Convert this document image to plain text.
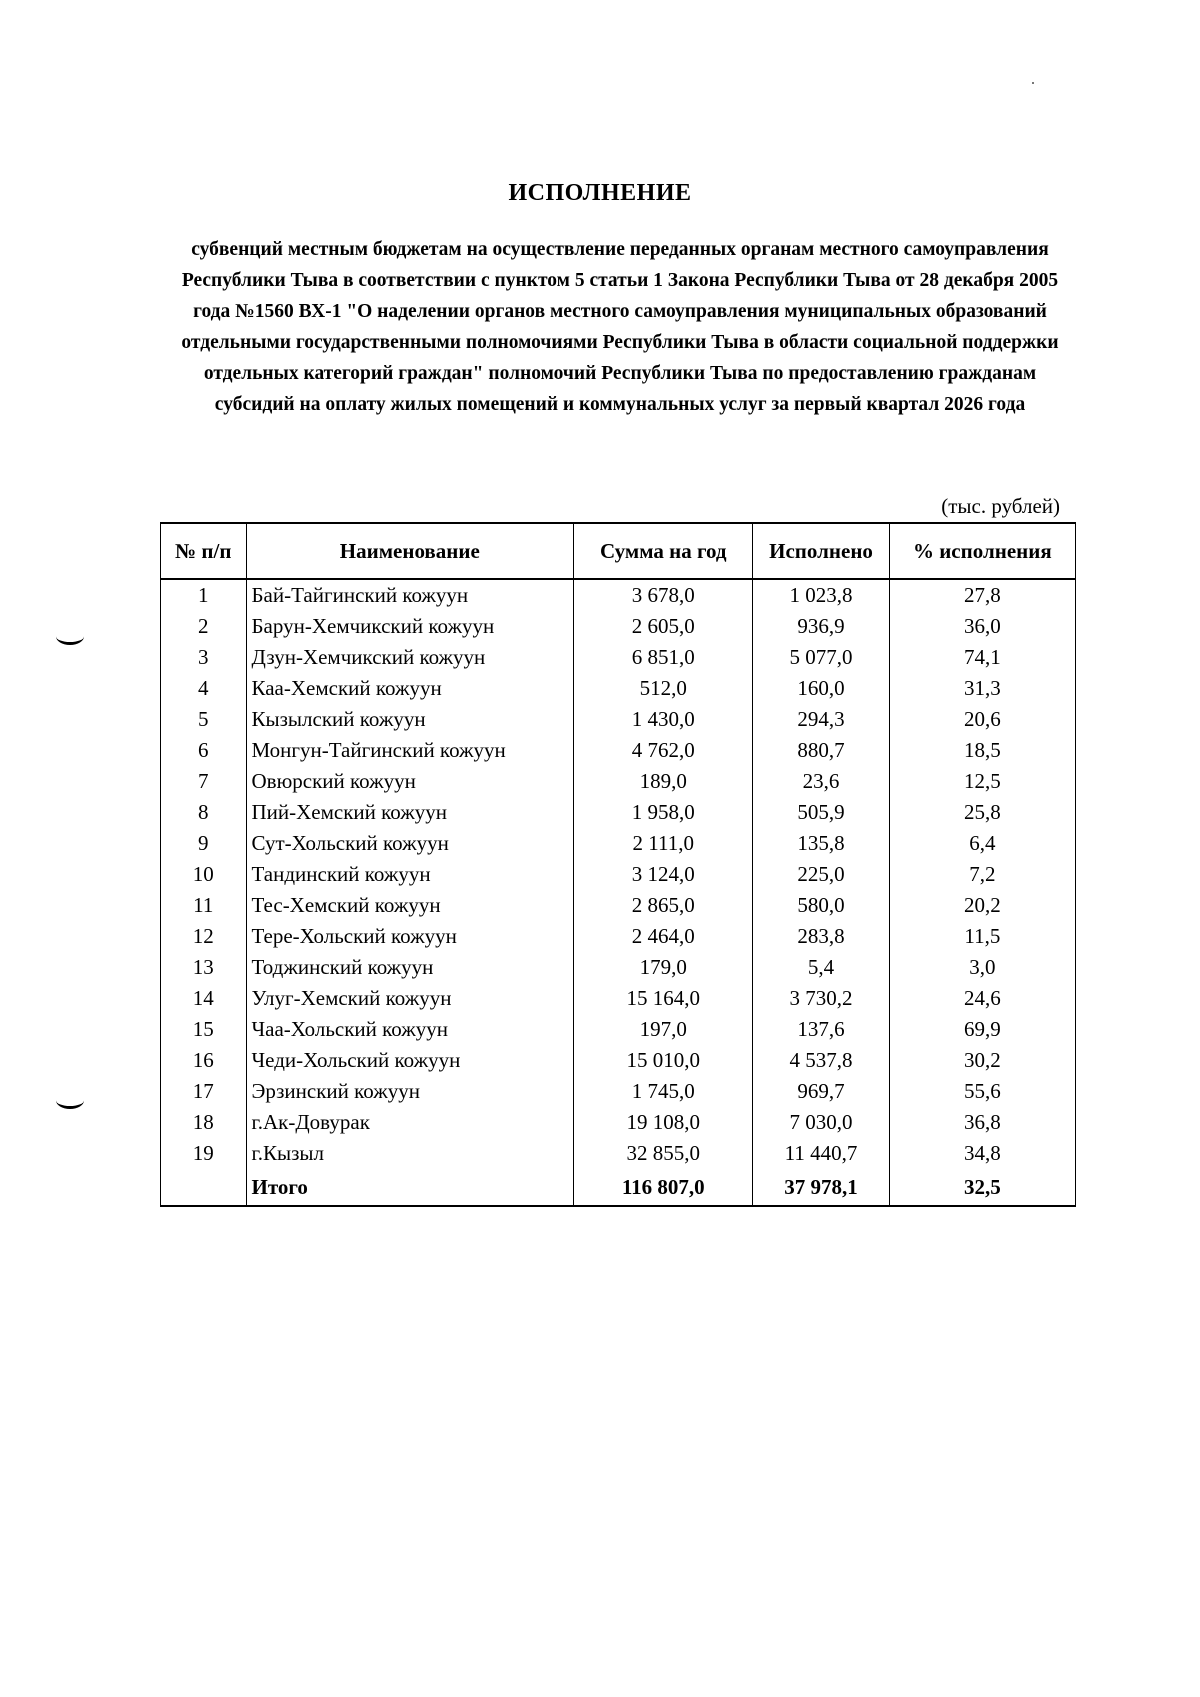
ИСПОЛНЕНИЕ

субвенций местным бюджетам на осуществление переданных органам местного самоуправления Республики Тыва в соответствии с пунктом 5 статьи 1 Закона Республики Тыва от 28 декабря 2005 года №1560 ВХ-1 "О наделении органов местного самоуправления муниципальных образований отдельными государственными полномочиями Республики Тыва в области социальной поддержки отдельных категорий граждан" полномочий Республики Тыва по предоставлению гражданам субсидий на оплату жилых помещений и коммунальных услуг за первый квартал 2026 года

(тыс. рублей)
№ п/п	Наименование	Сумма на год	Исполнено	% исполнения
1	Бай-Тайгинский кожуун	3 678,0	1 023,8	27,8
2	Барун-Хемчикский кожуун	2 605,0	936,9	36,0
3	Дзун-Хемчикский кожуун	6 851,0	5 077,0	74,1
4	Каа-Хемский кожуун	512,0	160,0	31,3
5	Кызылский кожуун	1 430,0	294,3	20,6
6	Монгун-Тайгинский кожуун	4 762,0	880,7	18,5
7	Овюрский кожуун	189,0	23,6	12,5
8	Пий-Хемский кожуун	1 958,0	505,9	25,8
9	Сут-Хольский кожуун	2 111,0	135,8	6,4
10	Тандинский кожуун	3 124,0	225,0	7,2
11	Тес-Хемский кожуун	2 865,0	580,0	20,2
12	Тере-Хольский кожуун	2 464,0	283,8	11,5
13	Тоджинский кожуун	179,0	5,4	3,0
14	Улуг-Хемский кожуун	15 164,0	3 730,2	24,6
15	Чаа-Хольский кожуун	197,0	137,6	69,9
16	Чеди-Хольский кожуун	15 010,0	4 537,8	30,2
17	Эрзинский кожуун	1 745,0	969,7	55,6
18	г.Ак-Довурак	19 108,0	7 030,0	36,8
19	г.Кызыл	32 855,0	11 440,7	34,8
	Итого	116 807,0	37 978,1	32,5
